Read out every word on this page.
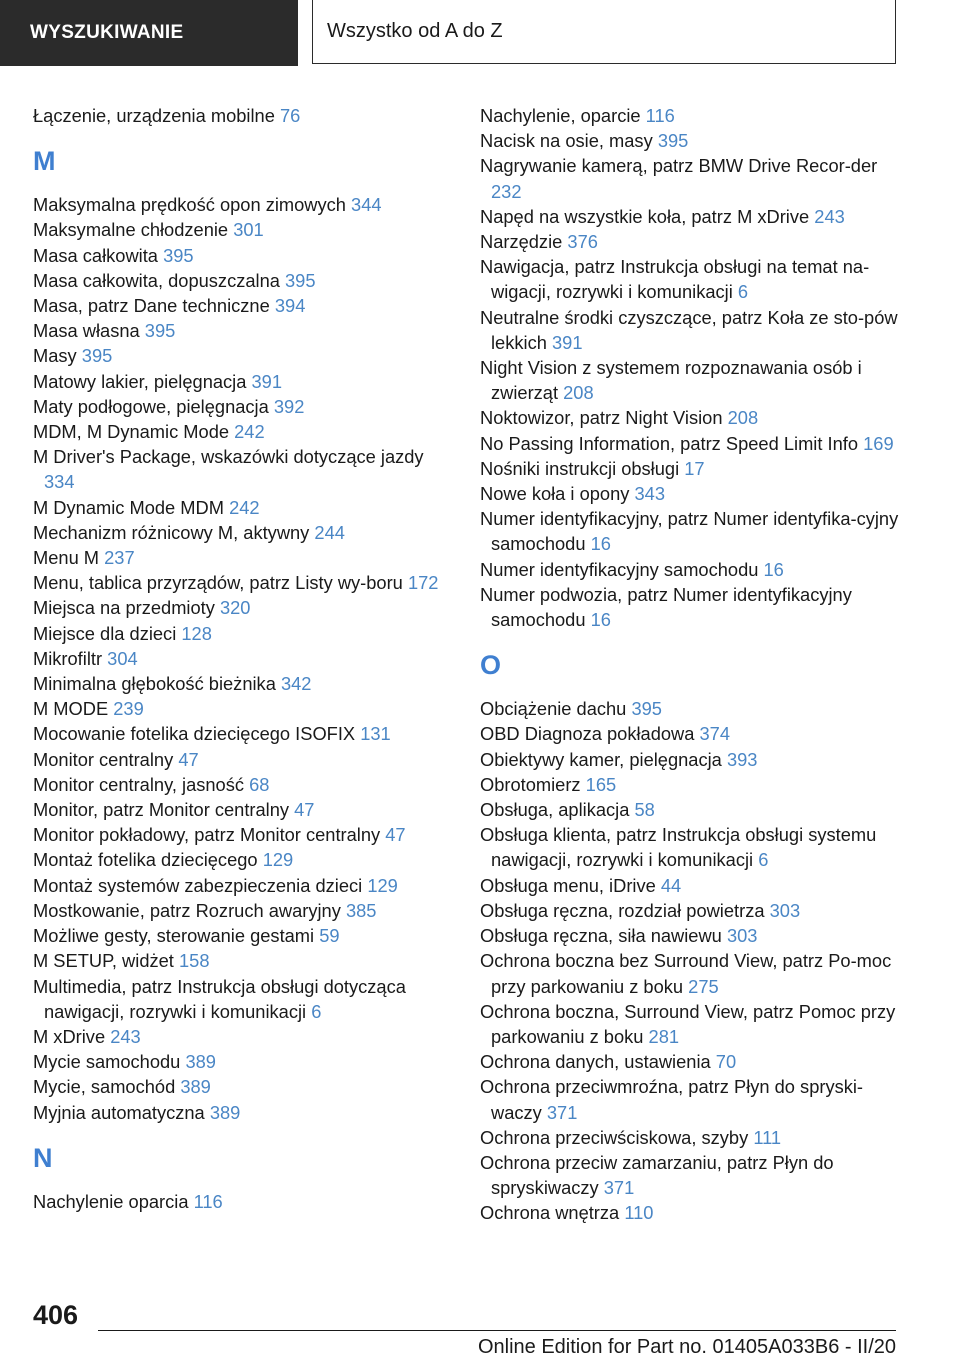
WYSZUKIWANIE	Wszystko od A do Z
Łączenie, urządzenia mobilne 76
M
Maksymalna prędkość opon zimowych 344
Maksymalne chłodzenie 301
Masa całkowita 395
Masa całkowita, dopuszczalna 395
Masa, patrz Dane techniczne 394
Masa własna 395
Masy 395
Matowy lakier, pielęgnacja 391
Maty podłogowe, pielęgnacja 392
MDM, M Dynamic Mode 242
M Driver's Package, wskazówki dotyczące jazdy 334
M Dynamic Mode MDM 242
Mechanizm różnicowy M, aktywny 244
Menu M 237
Menu, tablica przyrządów, patrz Listy wy-boru 172
Miejsca na przedmioty 320
Miejsce dla dzieci 128
Mikrofiltr 304
Minimalna głębokość bieżnika 342
M MODE 239
Mocowanie fotelika dziecięcego ISOFIX 131
Monitor centralny 47
Monitor centralny, jasność 68
Monitor, patrz Monitor centralny 47
Monitor pokładowy, patrz Monitor centralny 47
Montaż fotelika dziecięcego 129
Montaż systemów zabezpieczenia dzieci 129
Mostkowanie, patrz Rozruch awaryjny 385
Możliwe gesty, sterowanie gestami 59
M SETUP, widżet 158
Multimedia, patrz Instrukcja obsługi dotycząca nawigacji, rozrywki i komunikacji 6
M xDrive 243
Mycie samochodu 389
Mycie, samochód 389
Myjnia automatyczna 389
N
Nachylenie oparcia 116
Nachylenie, oparcie 116
Nacisk na osie, masy 395
Nagrywanie kamerą, patrz BMW Drive Recor-der 232
Napęd na wszystkie koła, patrz M xDrive 243
Narzędzie 376
Nawigacja, patrz Instrukcja obsługi na temat na-wigacji, rozrywki i komunikacji 6
Neutralne środki czyszczące, patrz Koła ze sto-pów lekkich 391
Night Vision z systemem rozpoznawania osób i zwierząt 208
Noktowizor, patrz Night Vision 208
No Passing Information, patrz Speed Limit Info 169
Nośniki instrukcji obsługi 17
Nowe koła i opony 343
Numer identyfikacyjny, patrz Numer identyfika-cyjny samochodu 16
Numer identyfikacyjny samochodu 16
Numer podwozia, patrz Numer identyfikacyjny samochodu 16
O
Obciążenie dachu 395
OBD Diagnoza pokładowa 374
Obiektywy kamer, pielęgnacja 393
Obrotomierz 165
Obsługa, aplikacja 58
Obsługa klienta, patrz Instrukcja obsługi systemu nawigacji, rozrywki i komunikacji 6
Obsługa menu, iDrive 44
Obsługa ręczna, rozdział powietrza 303
Obsługa ręczna, siła nawiewu 303
Ochrona boczna bez Surround View, patrz Po-moc przy parkowaniu z boku 275
Ochrona boczna, Surround View, patrz Pomoc przy parkowaniu z boku 281
Ochrona danych, ustawienia 70
Ochrona przeciwmroźna, patrz Płyn do spryski-waczy 371
Ochrona przeciwściskowa, szyby 111
Ochrona przeciw zamarzaniu, patrz Płyn do spryskiwaczy 371
Ochrona wnętrza 110
406
Online Edition for Part no. 01405A033B6 - II/20
